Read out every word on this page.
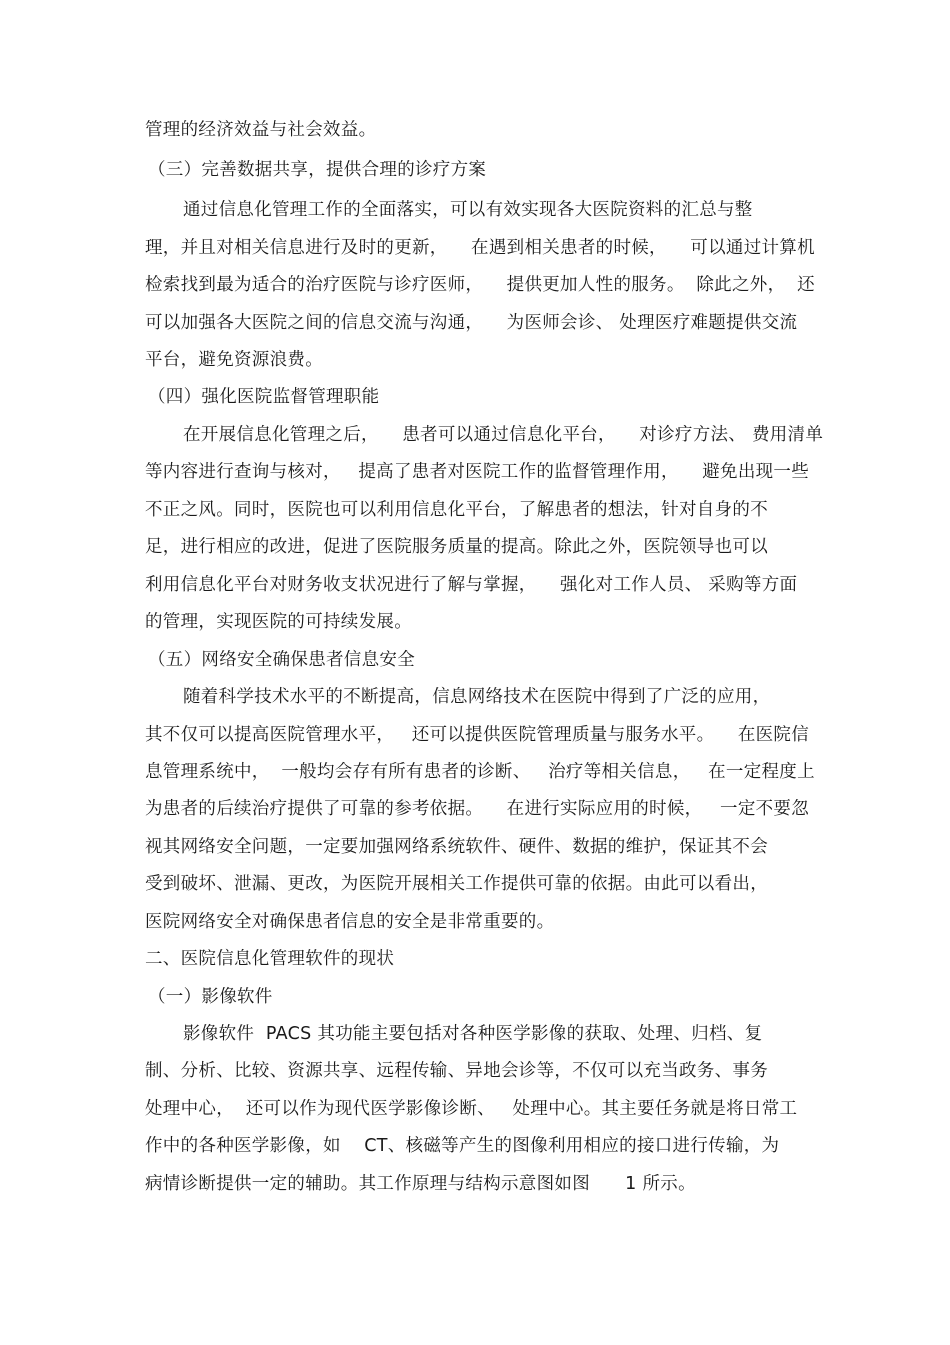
管理的经济效益与社会效益。
（三）完善数据共享，提供合理的诊疗方案
通过信息化管理工作的全面落实，可以有效实现各大医院资料的汇总与整
理，并且对相关信息进行及时的更新，    在遇到相关患者的时候，    可以通过计算机
检索找到最为适合的治疗医院与诊疗医师，    提供更加人性的服务。  除此之外，  还
可以加强各大医院之间的信息交流与沟通，    为医师会诊、 处理医疗难题提供交流
平台，避免资源浪费。
（四）强化医院监督管理职能
在开展信息化管理之后，    患者可以通过信息化平台，    对诊疗方法、 费用清单
等内容进行查询与核对，   提高了患者对医院工作的监督管理作用，    避免出现一些
不正之风。同时，医院也可以利用信息化平台，了解患者的想法，针对自身的不
足，进行相应的改进，促进了医院服务质量的提高。除此之外，医院领导也可以
利用信息化平台对财务收支状况进行了解与掌握，    强化对工作人员、 采购等方面
的管理，实现医院的可持续发展。
（五）网络安全确保患者信息安全
随着科学技术水平的不断提高，信息网络技术在医院中得到了广泛的应用，
其不仅可以提高医院管理水平，   还可以提供医院管理质量与服务水平。    在医院信
息管理系统中，  一般均会存有所有患者的诊断、   治疗等相关信息，   在一定程度上
为患者的后续治疗提供了可靠的参考依据。    在进行实际应用的时候，   一定不要忽
视其网络安全问题，一定要加强网络系统软件、硬件、数据的维护，保证其不会
受到破坏、泄漏、更改，为医院开展相关工作提供可靠的依据。由此可以看出，
医院网络安全对确保患者信息的安全是非常重要的。
二、医院信息化管理软件的现状
（一）影像软件
影像软件  PACS 其功能主要包括对各种医学影像的获取、处理、归档、复
制、分析、比较、资源共享、远程传输、异地会诊等，不仅可以充当政务、事务
处理中心，  还可以作为现代医学影像诊断、   处理中心。其主要任务就是将日常工
作中的各种医学影像，如    CT、核磁等产生的图像利用相应的接口进行传输，为
病情诊断提供一定的辅助。其工作原理与结构示意图如图      1 所示。
